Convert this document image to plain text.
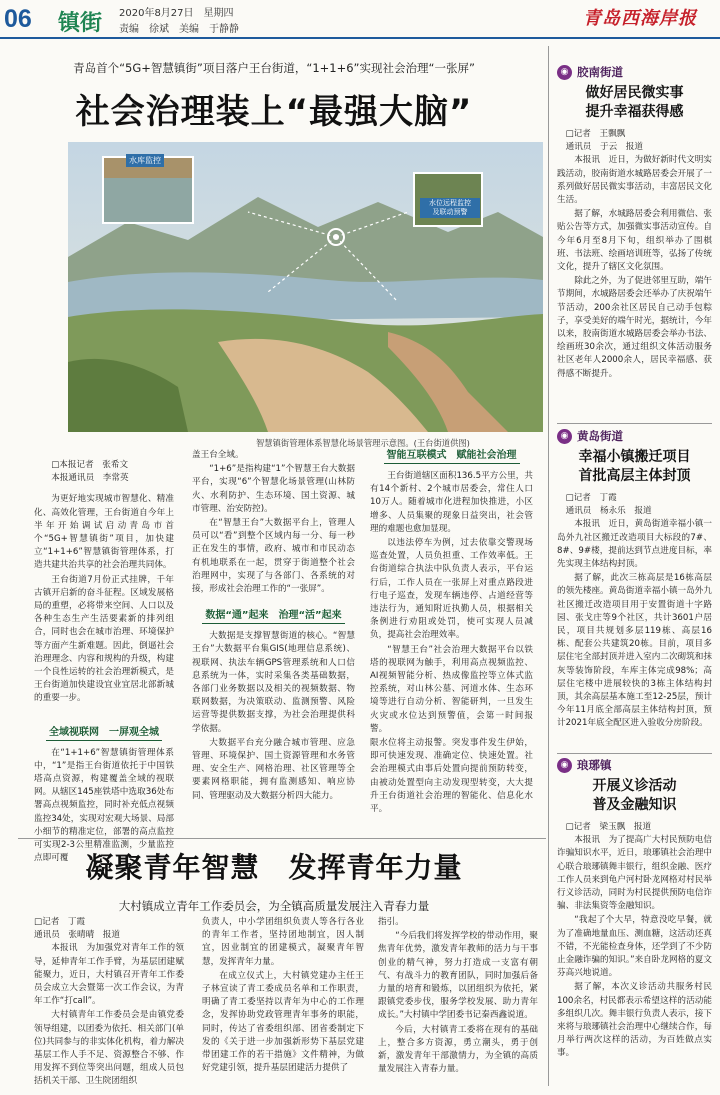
06 镇街 2020年8月27日　星期四
责编　徐斌　美编　于静静
青岛西海岸报
青岛首个“5G+智慧镇街”项目落户王台街道，“1+1+6”实现社会治理“一张屏”
社会治理装上“最强大脑”
水库监控
水位远程监控
及联动预警
智慧镇街管理体系智慧化场景管理示意图。(王台街道供图)
□本报记者　张希文
本报通讯员　李常英
为更好地实现城市智慧化、精准化、高效化管理，王台街道自今年上半年开始调试启动青岛市首个“5G+智慧镇街”项目，加快建立“1+1+6”智慧镇街管理体系，打造共建共治共享的社会治理共同体。
王台街道7月份正式挂牌，千年古镇开启新的奋斗征程。区域发展格局的重塑，必将带来空间、人口以及各种生态生产生活要素新的排列组合，同时也会在城市治理、环境保护等方面产生新难题。因此，倒逼社会治理理念、内容和规构的升级，构建一个良性运转的社会治理新模式，是王台街道加快建设宜业宜居北部新城的重要一步。
全域视联网　一屏观全城
在“1+1+6”智慧镇街管理体系中，“1”是指王台街道依托于中国铁塔高点资源，构建覆盖全域的视联网。从辖区145座铁塔中选取36处布署高点视频监控，同时补充低点视频监控34处，实现对宏观大场景、局部小细节的精准定位，部署的高点监控可实现2-3公里精准监测，少量监控点即可覆
盖王台全域。
“1+6”是指构建“1”个智慧王台大数据平台，实现“6”个智慧化场景管理(山林防火、水利防护、生态环境、国土资源、城市管理、治安防控)。
在“智慧王台”大数据平台上，管理人员可以“看”到整个区域内每一分、每一秒正在发生的事情，政府、城市和市民动态有机地联系在一起，贯穿于街道整个社会治理网中，实现了与各部门、各系统的对接，形成社会治理工作的“一张屏”。
数据“通”起来　治理“活”起来
大数据是支撑智慧街道的核心。“智慧王台”大数据平台集GIS(地理信息系统)、视联网、执法车辆GPS管理系统和人口信息系统为一体，实时采集各类基础数据，各部门业务数据以及相关的视频数据、物联网数据，为决策联动、监测预警、风险运营等提供数据支撑，为社会治理提供科学依据。
大数据平台充分融合城市管理、应急管理、环境保护、国土资源管理和水务管理、安全生产、网格治理、社区管理等全要素网格职能，拥有监测感知、响应协同、管理驱动及大数据分析四大能力。
智能互联模式　赋能社会治理
王台街道辖区面积136.5平方公里，共有14个新村、2个城市居委会，常住人口10万人。随着城市化进程加快推进，小区增多、人员集聚的现象日益突出，社会管理的难题也愈加显现。
以违法停车为例，过去依靠交警现场巡查处置，人员负担重、工作效率低。王台街道综合执法中队负责人表示，平台运行后，工作人员在一张屏上对重点路段进行电子巡查，发现车辆违停、占道经营等违法行为，通知附近执勤人员，根据相关条例进行劝阻或处罚，使可实现人员减负，提高社会治理效率。
“智慧王台”社会治理大数据平台以铁塔的视联网为触手，利用高点视频监控、AI视频智能分析、热成像监控等立体式监控系统，对山林公墓、河道水体、生态环境等进行自动分析、智能研判，一旦发生火灾或水位达到预警值，会第一时间报警。
限水位将主动报警。突发事件发生伊始，即可快速发现、准确定位、快速处置。社会治理模式由事后处置向提前预防转变，由被动处置型向主动发现型转变，大大提升王台街道社会治理的智能化、信息化水平。
凝聚青年智慧　发挥青年力量
大村镇成立青年工作委员会，为全镇高质量发展注入青春力量
□记者　丁霞
通讯员　张晴晴　报道
本报讯　为加强党对青年工作的领导，延伸青年工作手臂，为基层团建赋能聚力，近日，大村镇召开青年工作委员会成立大会暨第一次工作会议，为青年工作“打call”。
大村镇青年工作委员会是由镇党委领导组建，以团委为依托、相关部门(单位)共同参与的非实体化机构，着力解决基层工作人手不足、资源整合不够、作用发挥不到位等突出问题，组成人员包括机关干部、卫生院团组织
负责人，中小学团组织负责人等各行各业的青年工作者，坚持团地制宜，因人制宜，因业制宜的团建模式，凝聚青年智慧，发挥青年力量。
在成立仪式上，大村镇党建办主任王子林宣读了青工委成员名单和工作职责，明确了青工委坚持以青年为中心的工作理念，发挥协助党政管理青年事务的职能，同时，传达了省委组织部、团省委制定下发的《关于进一步加强新形势下基层党建带团建工作的若干措施》文件精神，为做好党建引领，提升基层团建活力提供了
指引。
“今后我们将发挥学校的带动作用，聚焦青年优势，激发青年教师的活力与干事创业的精气神，努力打造成一支富有朝气、有战斗力的教育团队，同时加强后备力量的培育和锻炼，以团组织为依托，紧跟镇党委步伐，服务学校发展、助力青年成长。”大村镇中学团委书记秦西鑫说道。
今后，大村镇青工委将在现有的基础上，整合多方资源，勇立潮头，勇于创新，激发青年干部激情力，为全镇的高质量发展注入青春力量。
◉ 胶南街道
做好居民微实事
提升幸福获得感
□记者　王飘飘
通讯员　于云　报道
本报讯　近日，为做好新时代文明实践活动，胶南街道水城路居委会开展了一系列做好居民微实事活动，丰富居民文化生活。
据了解，水城路居委会利用微信、张贴公告等方式，加强微实事活动宣传。自今年6月至8月下旬，组织举办了围棋班、书法班、绘画培训班等，弘扬了传统文化，提升了辖区文化氛围。
除此之外，为了促进邻里互助，端午节期间，水城路居委会还举办了庆祝端午节活动，200余社区居民自己动手包粽子，享受美好的端午时光，据统计，今年以来，胶南街道水城路居委会举办书法、绘画班30余次，通过组织文体活动服务社区老年人2000余人，居民幸福感、获得感不断提升。
◉ 黄岛街道
幸福小镇搬迁项目
首批高层主体封顶
□记者　丁霞
通讯员　杨永乐　报道
本报讯　近日，黄岛街道幸福小镇一岛外九社区搬迁改造项目大标段的7#、8#、9#楼，提前达到节点进度目标，率先实现主体结构封顶。
据了解，此次三栋高层是16栋高层的领先楼座。黄岛街道幸福小镇一岛外九社区搬迁改造项目用于安置街道十字路园、张戈庄等9个社区，共计3601户居民，项目共规划多层119栋、高层16栋、配套公共建筑20栋。目前，项目多层住宅全部封顶并进入室内二次砌筑和抹灰等装饰阶段，车库主体完成98%；高层住宅楼中进展较快的3栋主体结构封顶，其余高层基本施工至12-25层，预计今年11月底全部高层主体结构封顶，预计2021年底全配区进入验收分房阶段。
◉ 琅琊镇
开展义诊活动
普及金融知识
□记者　梁玉飘　报道
本报讯　为了提高广大村民预防电信诈骗知识水平，近日，琅琊镇社会治理中心联合琅琊镇舞丰银行，组织金融、医疗工作人员来到龟户河村卧龙网格对村民举行义诊活动，同时为村民提供预防电信诈骗、非法集资等金融知识。
“我起了个大早，特意没吃早餐，就为了准确地量血压、测血糖，这活动还真不错，不光能检查身体，还学到了不少防止金融诈骗的知识。”来自卧龙网格的夏文芬高兴地说道。
据了解，本次义诊活动共服务村民100余名，村民都表示希望这样的活动能多组织几次。舞丰银行负责人表示，接下来将与琅琊镇社会治理中心继续合作，每月举行两次这样的活动，为百姓做点实事。
